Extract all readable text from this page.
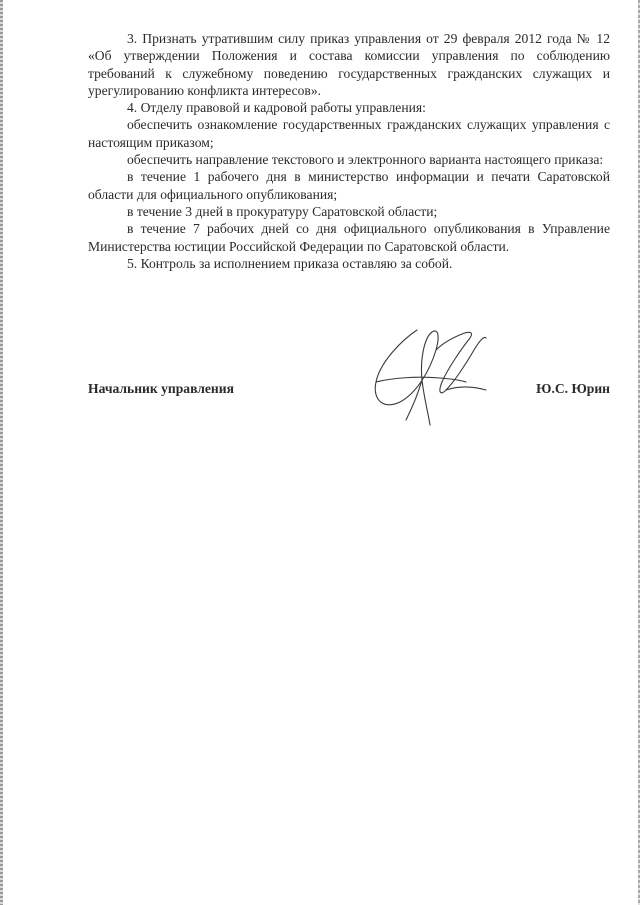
3. Признать утратившим силу приказ управления от 29 февраля 2012 года № 12 «Об утверждении Положения и состава комиссии управления по соблюдению требований к служебному поведению государственных гражданских служащих и урегулированию конфликта интересов».

4. Отделу правовой и кадровой работы управления:

обеспечить ознакомление государственных гражданских служащих управления с настоящим приказом;

обеспечить направление текстового и электронного варианта настоящего приказа:

в течение 1 рабочего дня в министерство информации и печати Саратовской области для официального опубликования;

в течение 3 дней в прокуратуру Саратовской области;

в течение 7 рабочих дней со дня официального опубликования в Управление Министерства юстиции Российской Федерации по Саратовской области.

5. Контроль за исполнением приказа оставляю за собой.

Начальник управления	Ю.С. Юрин
